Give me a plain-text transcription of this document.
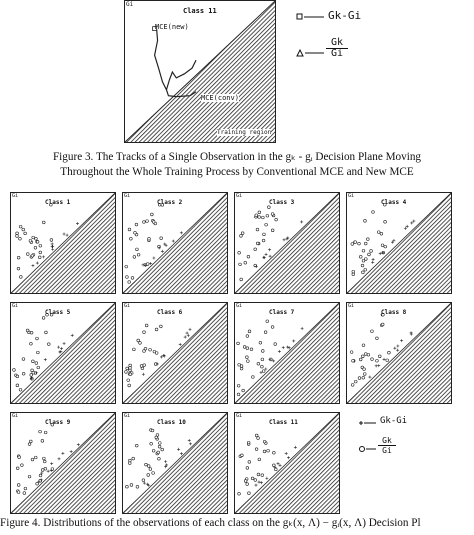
Gi
Class 11
MCE(new)
MCE(conv)
Training region
Gk-Gi
$\frac{Gk}{Gi}$
Figure 3. The Tracks of a Single Observation in the gₖ - gᵢ Decision Plane Moving
Throughout the Whole Training Process by Conventional MCE and New MCE
Gi
Class 1
Gi
Class 2
Gi
Class 3
Gi
Class 4
Gi
Class 5
Gi
Class 6
Gi
Class 7
Gi
Class 8
Gi
Class 9
Gi
Class 10
Gi
Class 11	Gk-Gi
$\frac{Gk}{Gi}$
Figure 4. Distributions of the observations of each class on the gₖ(x, Λ) − gᵢ(x, Λ) Decision Pl
